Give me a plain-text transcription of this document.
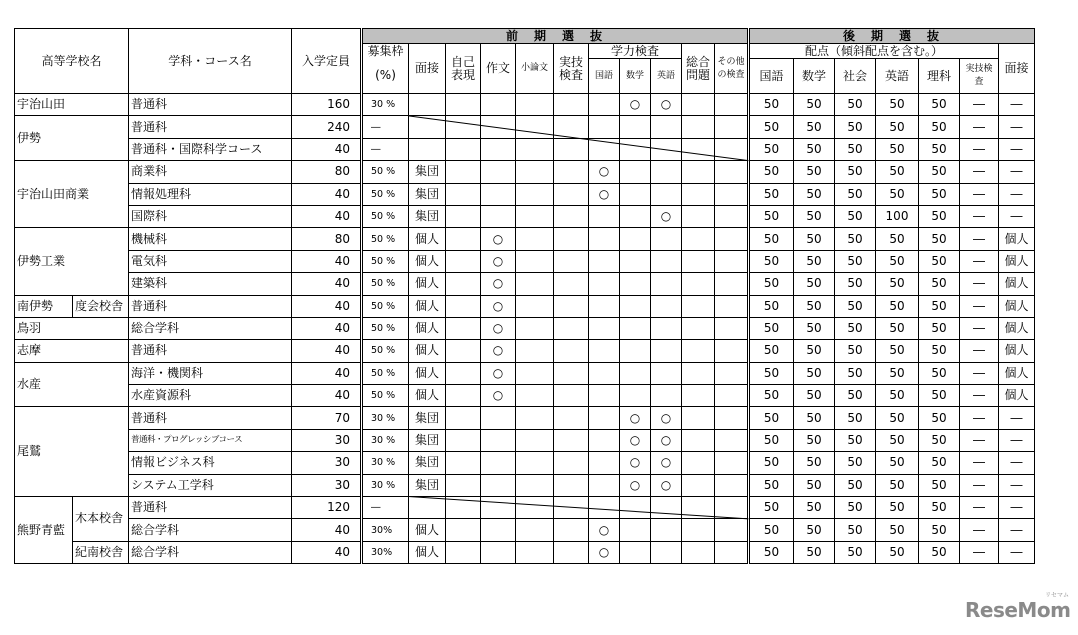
高等学校名		学科・コース名	入学定員	前　期　選　抜											後　期　選　抜						
				募集枠	面接	自己表現	作文	小論文	実技検査	学力検査			総合問題	その他の検査	配点（傾斜配点を含む。）						面接
				(%)						国語	数学	英語			国語	数学	社会	英語	理科	実技検査	
宇治山田		普通科	160	30 %							○	○			50	50	50	50	50	―	―
伊勢		普通科	240	―											50	50	50	50	50	―	―
		普通科・国際科学コース	40	―											50	50	50	50	50	―	―
宇治山田商業		商業科	80	50 %	集団					○					50	50	50	50	50	―	―
		情報処理科	40	50 %	集団					○					50	50	50	50	50	―	―
		国際科	40	50 %	集団							○			50	50	50	100	50	―	―
伊勢工業		機械科	80	50 %	個人		○								50	50	50	50	50	―	個人
		電気科	40	50 %	個人		○								50	50	50	50	50	―	個人
		建築科	40	50 %	個人		○								50	50	50	50	50	―	個人
南伊勢	度会校舎	普通科	40	50 %	個人		○								50	50	50	50	50	―	個人
鳥羽		総合学科	40	50 %	個人		○								50	50	50	50	50	―	個人
志摩		普通科	40	50 %	個人		○								50	50	50	50	50	―	個人
水産		海洋・機関科	40	50 %	個人		○								50	50	50	50	50	―	個人
		水産資源科	40	50 %	個人		○								50	50	50	50	50	―	個人
尾鷲		普通科	70	30 %	集団						○	○			50	50	50	50	50	―	―
		普通科・プログレッシブコース	30	30 %	集団						○	○			50	50	50	50	50	―	―
		情報ビジネス科	30	30 %	集団						○	○			50	50	50	50	50	―	―
		システム工学科	30	30 %	集団						○	○			50	50	50	50	50	―	―
熊野青藍	木本校舎	普通科	120	―											50	50	50	50	50	―	―
		総合学科	40	30%	個人					○					50	50	50	50	50	―	―
	紀南校舎	総合学科	40	30%	個人					○					50	50	50	50	50	―	―
ReseMom
リセマム
